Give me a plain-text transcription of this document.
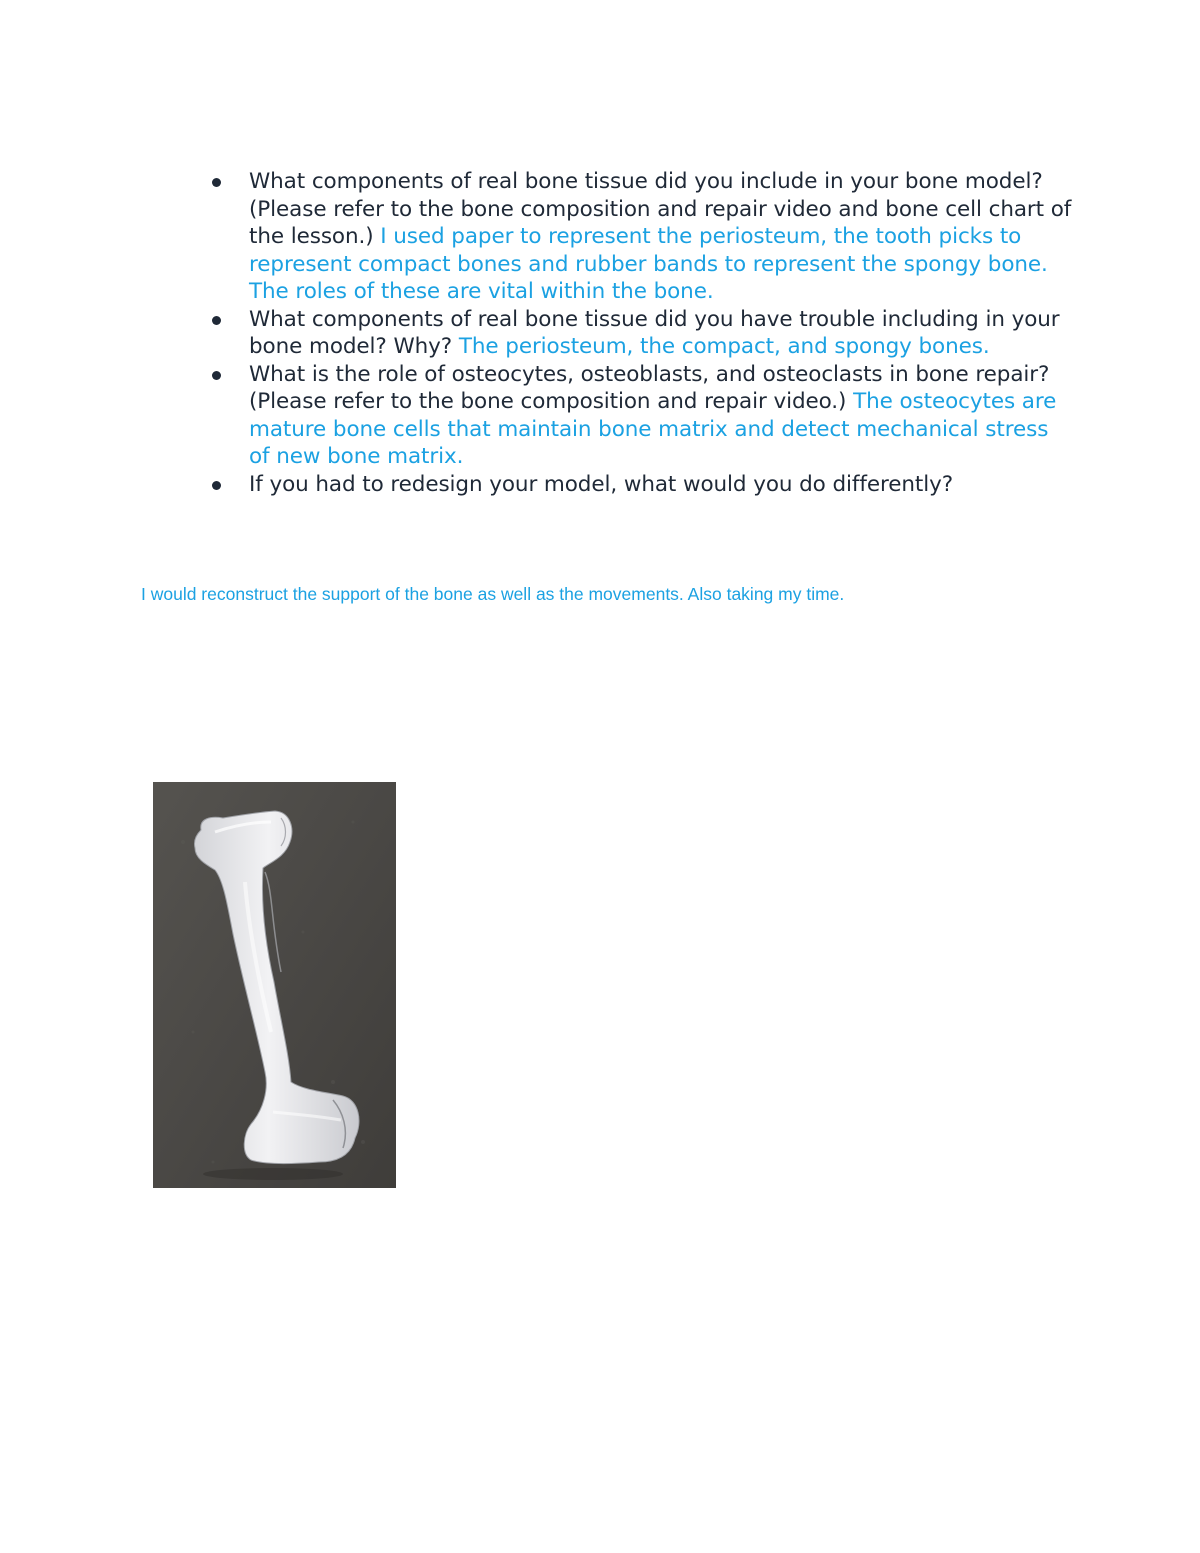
What components of real bone tissue did you include in your bone model? (Please refer to the bone composition and repair video and bone cell chart of the lesson.) I used paper to represent the periosteum, the tooth picks to represent compact bones and rubber bands to represent the spongy bone. The roles of these are vital within the bone.
What components of real bone tissue did you have trouble including in your bone model? Why? The periosteum, the compact, and spongy bones.
What is the role of osteocytes, osteoblasts, and osteoclasts in bone repair? (Please refer to the bone composition and repair video.) The osteocytes are mature bone cells that maintain bone matrix and detect mechanical stress of new bone matrix.
If you had to redesign your model, what would you do differently?

I would reconstruct the support of the bone as well as the movements. Also taking my time.
